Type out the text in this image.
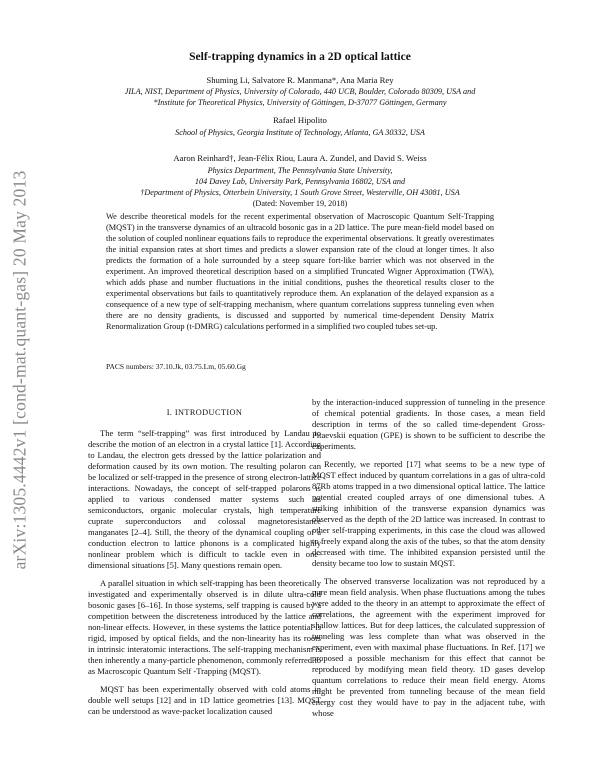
arXiv:1305.4442v1 [cond-mat.quant-gas] 20 May 2013
Self-trapping dynamics in a 2D optical lattice
Shuming Li, Salvatore R. Manmana*, Ana Maria Rey
JILA, NIST, Department of Physics, University of Colorado, 440 UCB, Boulder, Colorado 80309, USA and
*Institute for Theoretical Physics, University of Göttingen, D-37077 Göttingen, Germany
Rafael Hipolito
School of Physics, Georgia Institute of Technology, Atlanta, GA 30332, USA
Aaron Reinhard†, Jean-Félix Riou, Laura A. Zundel, and David S. Weiss
Physics Department, The Pennsylvania State University,
104 Davey Lab, University Park, Pennsylvania 16802, USA and
†Department of Physics, Otterbein University, 1 South Grove Street, Westerville, OH 43081, USA
(Dated: November 19, 2018)
We describe theoretical models for the recent experimental observation of Macroscopic Quantum Self-Trapping (MQST) in the transverse dynamics of an ultracold bosonic gas in a 2D lattice. The pure mean-field model based on the solution of coupled nonlinear equations fails to reproduce the experimental observations. It greatly overestimates the initial expansion rates at short times and predicts a slower expansion rate of the cloud at longer times. It also predicts the formation of a hole surrounded by a steep square fort-like barrier which was not observed in the experiment. An improved theoretical description based on a simplified Truncated Wigner Approximation (TWA), which adds phase and number fluctuations in the initial conditions, pushes the theoretical results closer to the experimental observations but fails to quantitatively reproduce them. An explanation of the delayed expansion as a consequence of a new type of self-trapping mechanism, where quantum correlations suppress tunneling even when there are no density gradients, is discussed and supported by numerical time-dependent Density Matrix Renormalization Group (t-DMRG) calculations performed in a simplified two coupled tubes set-up.
PACS numbers: 37.10.Jk, 03.75.Lm, 05.60.Gg
I. INTRODUCTION

The term “self-trapping” was first introduced by Landau to describe the motion of an electron in a crystal lattice [1]. According to Landau, the electron gets dressed by the lattice polarization and deformation caused by its own motion. The resulting polaron can be localized or self-trapped in the presence of strong electron-lattice interactions. Nowadays, the concept of self-trapped polarons is applied to various condensed matter systems such as semiconductors, organic molecular crystals, high temperature cuprate superconductors and colossal magnetoresistance manganates [2–4]. Still, the theory of the dynamical coupling of a conduction electron to lattice phonons is a complicated highly nonlinear problem which is difficult to tackle even in one-dimensional situations [5]. Many questions remain open.

A parallel situation in which self-trapping has been theoretically investigated and experimentally observed is in dilute ultra-cold bosonic gases [6–16]. In those systems, self trapping is caused by a competition between the discreteness introduced by the lattice and non-linear effects. However, in these systems the lattice potential is rigid, imposed by optical fields, and the non-linearity has its roots in intrinsic interatomic interactions. The self-trapping mechanism is then inherently a many-particle phenomenon, commonly referred to as Macroscopic Quantum Self -Trapping (MQST).

MQST has been experimentally observed with cold atoms in double well setups [12] and in 1D lattice geometries [13]. MQST can be understood as wave-packet localization caused

by the interaction-induced suppression of tunneling in the presence of chemical potential gradients. In those cases, a mean field description in terms of the so called time-dependent Gross-Pitaevskii equation (GPE) is shown to be sufficient to describe the experiments.

Recently, we reported [17] what seems to be a new type of MQST effect induced by quantum correlations in a gas of ultra-cold 87Rb atoms trapped in a two dimensional optical lattice. The lattice potential created coupled arrays of one dimensional tubes. A striking inhibition of the transverse expansion dynamics was observed as the depth of the 2D lattice was increased. In contrast to other self-trapping experiments, in this case the cloud was allowed to freely expand along the axis of the tubes, so that the atom density decreased with time. The inhibited expansion persisted until the density became too low to sustain MQST.

The observed transverse localization was not reproduced by a pure mean field analysis. When phase fluctuations among the tubes were added to the theory in an attempt to approximate the effect of correlations, the agreement with the experiment improved for shallow lattices. But for deep lattices, the calculated suppression of tunneling was less complete than what was observed in the experiment, even with maximal phase fluctuations. In Ref. [17] we proposed a possible mechanism for this effect that cannot be reproduced by modifying mean field theory. 1D gases develop quantum correlations to reduce their mean field energy. Atoms might be prevented from tunneling because of the mean field energy cost they would have to pay in the adjacent tube, with whose
